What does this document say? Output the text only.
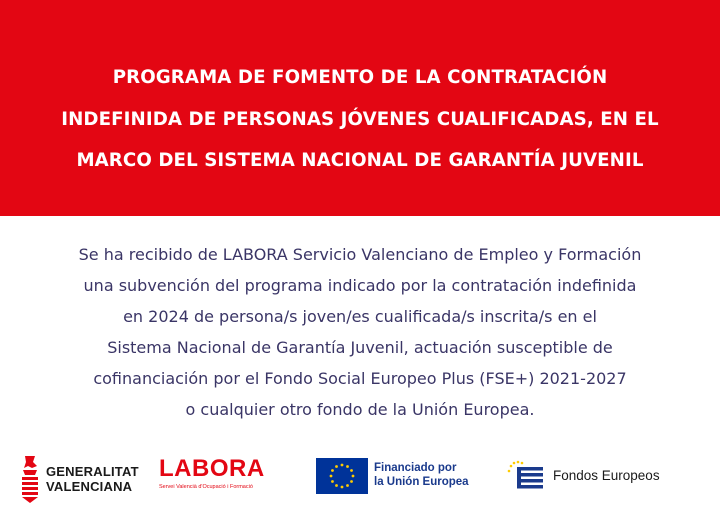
PROGRAMA DE FOMENTO DE LA CONTRATACIÓN
INDEFINIDA DE PERSONAS JÓVENES CUALIFICADAS, EN EL
MARCO DEL SISTEMA NACIONAL DE GARANTÍA JUVENIL

Se ha recibido de LABORA Servicio Valenciano de Empleo y Formación
una subvención del programa indicado por la contratación indefinida
en 2024 de persona/s joven/es cualificada/s inscrita/s en el
Sistema Nacional de Garantía Juvenil, actuación susceptible de
cofinanciación por el Fondo Social Europeo Plus (FSE+) 2021-2027
o cualquier otro fondo de la Unión Europea.

GENERALITAT
VALENCIANA
LABORA
Servei Valencià d'Ocupació i Formació
Financiado por
la Unión Europea	Fondos Europeos
